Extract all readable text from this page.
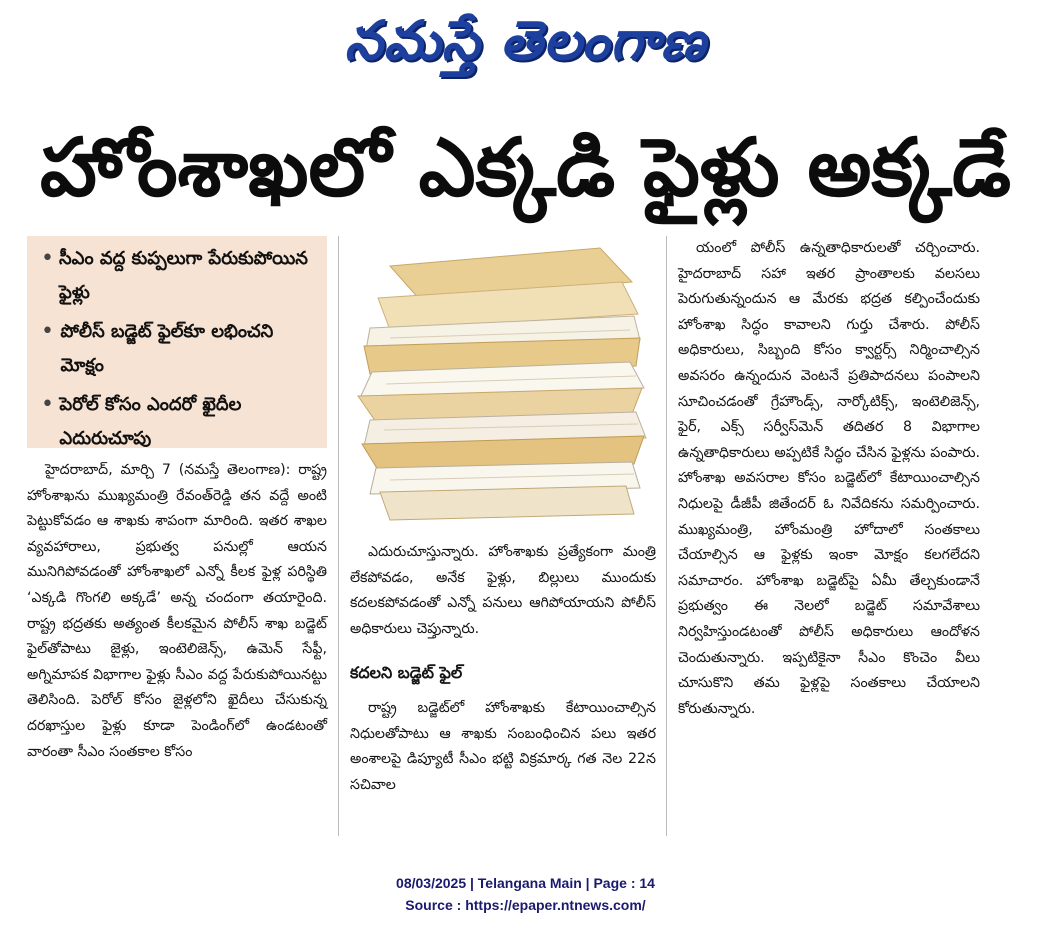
నమస్తే తెలంగాణ
హోంశాఖలో ఎక్కడి ఫైళ్లు అక్కడే
• సీఎం వద్ద కుప్పలుగా పేరుకుపోయిన ఫైళ్లు
• పోలీస్ బడ్జెట్ ఫైల్‌కూ లభించని మోక్షం
• పెరోల్ కోసం ఎందరో ఖైదీల ఎదురుచూపు

హైదరాబాద్, మార్చి 7 (నమస్తే తెలంగాణ): రాష్ట్ర హోంశాఖను ముఖ్యమంత్రి రేవంత్‌రెడ్డి తన వద్దే అంటి పెట్టుకోవడం ఆ శాఖకు శాపంగా మారింది. ఇతర శాఖల వ్యవహారాలు, ప్రభుత్వ పనుల్లో ఆయన మునిగిపోవడంతో హోంశాఖలో ఎన్నో కీలక ఫైళ్ల పరిస్థితి ‘ఎక్కడి గొంగలి అక్కడే’ అన్న చందంగా తయారైంది. రాష్ట్ర భద్రతకు అత్యంత కీలకమైన పోలీస్ శాఖ బడ్జెట్ ఫైల్‌తోపాటు జైళ్లు, ఇంటెలిజెన్స్, ఉమెన్ సేఫ్టీ, అగ్నిమాపక విభాగాల ఫైళ్లు సీఎం వద్ద పేరుకుపోయినట్టు తెలిసింది. పెరోల్ కోసం జైళ్లలోని ఖైదీలు చేసుకున్న దరఖాస్తుల ఫైళ్లు కూడా పెండింగ్‌లో ఉండటంతో వారంతా సీఎం సంతకాల కోసం

ఎదురుచూస్తున్నారు. హోంశాఖకు ప్రత్యేకంగా మంత్రి లేకపోవడం, అనేక ఫైళ్లు, బిల్లులు ముందుకు కదలకపోవడంతో ఎన్నో పనులు ఆగిపోయాయని పోలీస్ అధికారులు చెప్తున్నారు.

కదలని బడ్జెట్ ఫైల్

రాష్ట్ర బడ్జెట్‌లో హోంశాఖకు కేటాయించాల్సిన నిధులతోపాటు ఆ శాఖకు సంబంధించిన పలు ఇతర అంశాలపై డిప్యూటీ సీఎం భట్టి విక్రమార్క గత నెల 22న సచివాల

యంలో పోలీస్ ఉన్నతాధికారులతో చర్చించారు. హైదరాబాద్ సహా ఇతర ప్రాంతాలకు వలసలు పెరుగుతున్నందున ఆ మేరకు భద్రత కల్పించేందుకు హోంశాఖ సిద్ధం కావాలని గుర్తు చేశారు. పోలీస్ అధికారులు, సిబ్బంది కోసం క్వార్టర్స్ నిర్మించాల్సిన అవసరం ఉన్నందున వెంటనే ప్రతిపాదనలు పంపాలని సూచించడంతో గ్రేహౌండ్స్, నార్కోటిక్స్, ఇంటెలిజెన్స్, ఫైర్, ఎక్స్ సర్వీస్‌మెన్ తదితర 8 విభాగాల ఉన్నతాధికారులు అప్పటికే సిద్ధం చేసిన ఫైళ్లను పంపారు. హోంశాఖ అవసరాల కోసం బడ్జెట్‌లో కేటాయించాల్సిన నిధులపై డీజీపీ జితేందర్ ఓ నివేదికను సమర్పించారు. ముఖ్యమంత్రి, హోంమంత్రి హోదాలో సంతకాలు చేయాల్సిన ఆ ఫైళ్లకు ఇంకా మోక్షం కలగలేదని సమాచారం. హోంశాఖ బడ్జెట్‌పై ఏమీ తేల్చకుండానే ప్రభుత్వం ఈ నెలలో బడ్జెట్ సమావేశాలు నిర్వహిస్తుండటంతో పోలీస్ అధికారులు ఆందోళన చెందుతున్నారు. ఇప్పటికైనా సీఎం కొంచెం వీలు చూసుకొని తమ ఫైళ్లపై సంతకాలు చేయాలని కోరుతున్నారు.

08/03/2025 | Telangana Main | Page : 14
Source : https://epaper.ntnews.com/
